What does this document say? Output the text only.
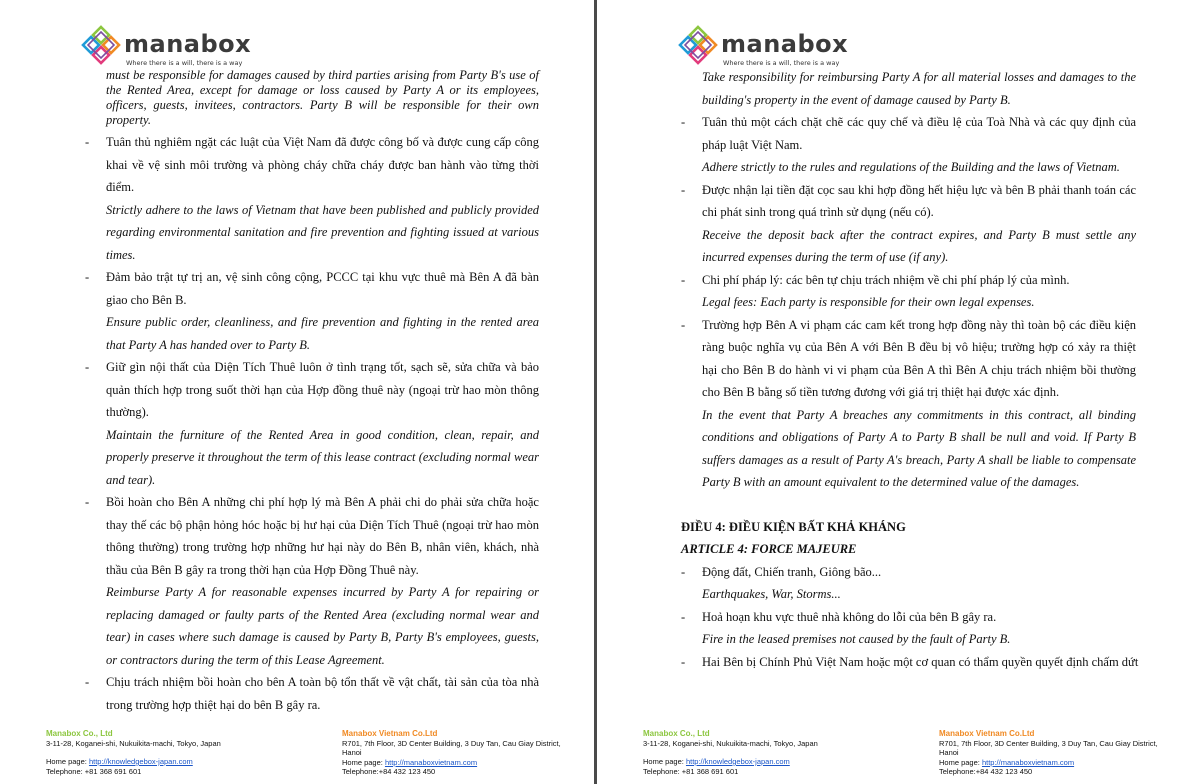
manabox
Where there is a will, there is a way

must be responsible for damages caused by third parties arising from Party B's use of the Rented Area, except for damage or loss caused by Party A or its employees, officers, guests, invitees, contractors. Party B will be responsible for their own property.

- Tuân thủ nghiêm ngặt các luật của Việt Nam đã được công bố và được cung cấp công khai về vệ sinh môi trường và phòng cháy chữa cháy được ban hành vào từng thời điểm.

Strictly adhere to the laws of Vietnam that have been published and publicly provided regarding environmental sanitation and fire prevention and fighting issued at various times.

- Đảm bảo trật tự trị an, vệ sinh công cộng, PCCC tại khu vực thuê mà Bên A đã bàn giao cho Bên B.

Ensure public order, cleanliness, and fire prevention and fighting in the rented area that Party A has handed over to Party B.

- Giữ gìn nội thất của Diện Tích Thuê luôn ở tình trạng tốt, sạch sẽ, sửa chữa và bảo quản thích hợp trong suốt thời hạn của Hợp đồng thuê này (ngoại trừ hao mòn thông thường).

Maintain the furniture of the Rented Area in good condition, clean, repair, and properly preserve it throughout the term of this lease contract (excluding normal wear and tear).

- Bồi hoàn cho Bên A những chi phí hợp lý mà Bên A phải chi do phải sửa chữa hoặc thay thế các bộ phận hỏng hóc hoặc bị hư hại của Diện Tích Thuê (ngoại trừ hao mòn thông thường) trong trường hợp những hư hại này do Bên B, nhân viên, khách, nhà thầu của Bên B gây ra trong thời hạn của Hợp Đồng Thuê này.

Reimburse Party A for reasonable expenses incurred by Party A for repairing or replacing damaged or faulty parts of the Rented Area (excluding normal wear and tear) in cases where such damage is caused by Party B, Party B's employees, guests, or contractors during the term of this Lease Agreement.

- Chịu trách nhiệm bồi hoàn cho bên A toàn bộ tổn thất về vật chất, tài sản của tòa nhà trong trường hợp thiệt hại do bên B gây ra.

Manabox Co., Ltd
3-11-28, Koganei-shi, Nukuikita-machi, Tokyo, Japan
Home page: http://knowledgebox-japan.com
Telephone: +81 368 691 601
Manabox Vietnam Co.Ltd
R701, 7th Floor, 3D Center Building, 3 Duy Tan, Cau Giay District,
Hanoi
Home page: http://manaboxvietnam.com
Telephone:+84 432 123 450
manabox
Where there is a will, there is a way

Take responsibility for reimbursing Party A for all material losses and damages to the building's property in the event of damage caused by Party B.

- Tuân thủ một cách chặt chẽ các quy chế và điều lệ của Toà Nhà và các quy định của pháp luật Việt Nam.

Adhere strictly to the rules and regulations of the Building and the laws of Vietnam.

- Được nhận lại tiền đặt cọc sau khi hợp đồng hết hiệu lực và bên B phải thanh toán các chi phát sinh trong quá trình sử dụng (nếu có).

Receive the deposit back after the contract expires, and Party B must settle any incurred expenses during the term of use (if any).

- Chi phí pháp lý: các bên tự chịu trách nhiệm về chi phí pháp lý của mình.

Legal fees: Each party is responsible for their own legal expenses.

- Trường hợp Bên A vi phạm các cam kết trong hợp đồng này thì toàn bộ các điều kiện ràng buộc nghĩa vụ của Bên A với Bên B đều bị vô hiệu; trường hợp có xảy ra thiệt hại cho Bên B do hành vi vi phạm của Bên A thì Bên A chịu trách nhiệm bồi thường cho Bên B bằng số tiền tương đương với giá trị thiệt hại được xác định.

In the event that Party A breaches any commitments in this contract, all binding conditions and obligations of Party A to Party B shall be null and void. If Party B suffers damages as a result of Party A's breach, Party A shall be liable to compensate Party B with an amount equivalent to the determined value of the damages.

ĐIỀU 4: ĐIỀU KIỆN BẤT KHẢ KHÁNG

ARTICLE 4: FORCE MAJEURE

- Động đất, Chiến tranh, Giông bão...

Earthquakes, War, Storms...

- Hoả hoạn khu vực thuê nhà không do lỗi của bên B gây ra.

Fire in the leased premises not caused by the fault of Party B.

- Hai Bên bị Chính Phủ Việt Nam hoặc một cơ quan có thẩm quyền quyết định chấm dứt

Manabox Co., Ltd
3-11-28, Koganei-shi, Nukuikita-machi, Tokyo, Japan
Home page: http://knowledgebox-japan.com
Telephone: +81 368 691 601
Manabox Vietnam Co.Ltd
R701, 7th Floor, 3D Center Building, 3 Duy Tan, Cau Giay District,
Hanoi
Home page: http://manaboxvietnam.com
Telephone:+84 432 123 450
